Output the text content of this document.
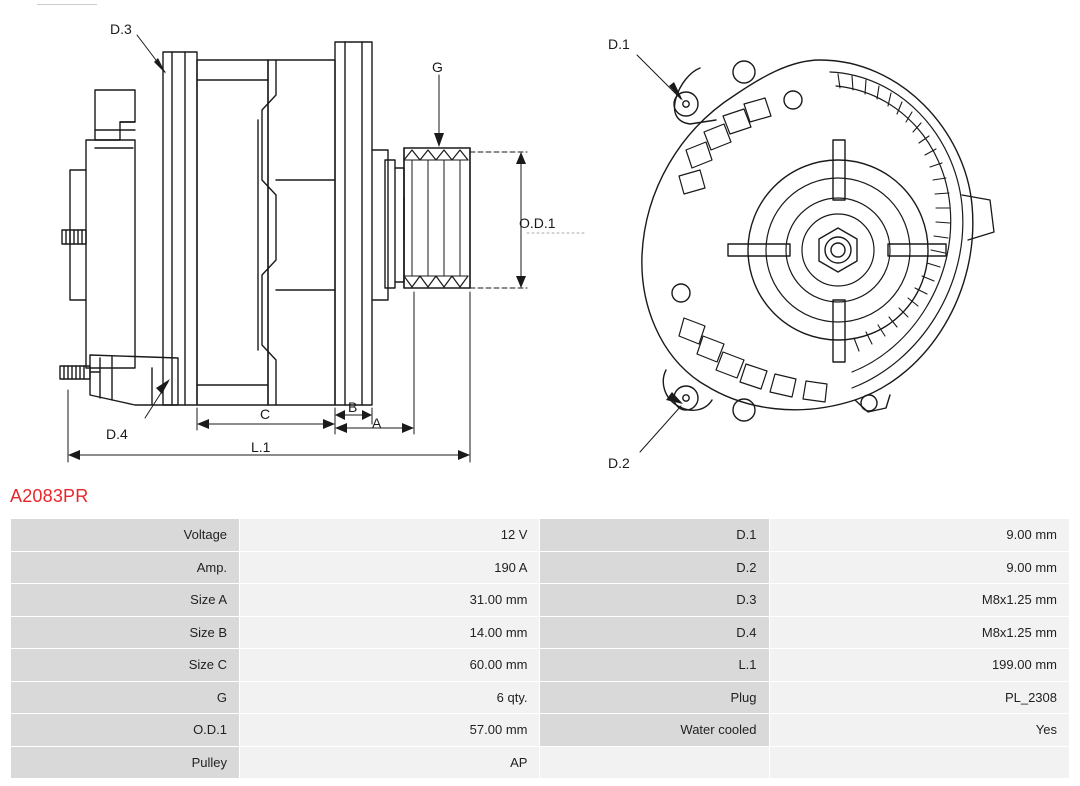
D.3
D.4
G
O.D.1
A
B
C
L.1
D.1
D.2
A2083PR
Voltage	12 V	D.1	9.00 mm
Amp.	190 A	D.2	9.00 mm
Size A	31.00 mm	D.3	M8x1.25 mm
Size B	14.00 mm	D.4	M8x1.25 mm
Size C	60.00 mm	L.1	199.00 mm
G	6 qty.	Plug	PL_2308
O.D.1	57.00 mm	Water cooled	Yes
Pulley	AP		
